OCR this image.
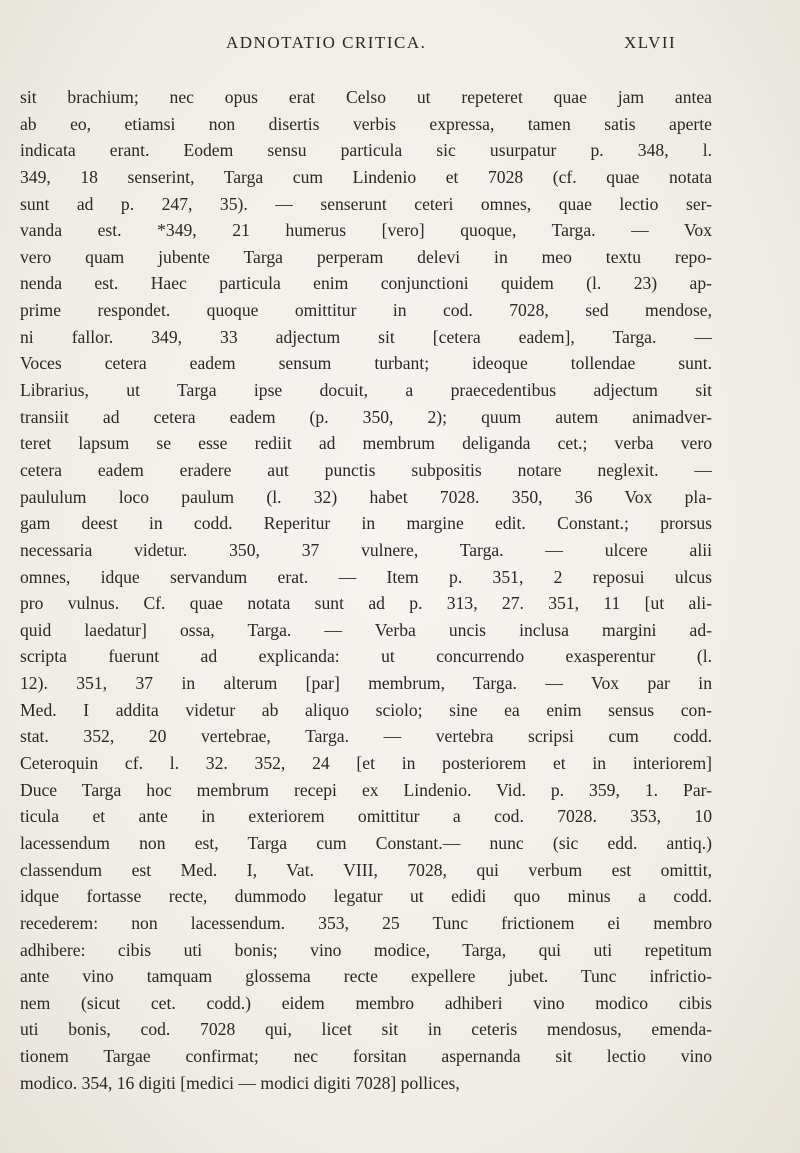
ADNOTATIO CRITICA.	XLVII
sit brachium; nec opus erat Celso ut repeteret quae jam antea
ab eo, etiamsi non disertis verbis expressa, tamen satis aperte
indicata erant. Eodem sensu particula sic usurpatur p. 348, l.
349, 18 senserint, Targa cum Lindenio et 7028 (cf. quae notata
sunt ad p. 247, 35). — senserunt ceteri omnes, quae lectio ser-
vanda est. *349, 21 humerus [vero] quoque, Targa. — Vox
vero quam jubente Targa perperam delevi in meo textu repo-
nenda est. Haec particula enim conjunctioni quidem (l. 23) ap-
prime respondet. quoque omittitur in cod. 7028, sed mendose,
ni fallor. 349, 33 adjectum sit [cetera eadem], Targa. —
Voces cetera eadem sensum turbant; ideoque tollendae sunt.
Librarius, ut Targa ipse docuit, a praecedentibus adjectum sit
transiit ad cetera eadem (p. 350, 2); quum autem animadver-
teret lapsum se esse rediit ad membrum deliganda cet.; verba vero
cetera eadem eradere aut punctis subpositis notare neglexit. —
paululum loco paulum (l. 32) habet 7028. 350, 36 Vox pla-
gam deest in codd. Reperitur in margine edit. Constant.; prorsus
necessaria videtur. 350, 37 vulnere, Targa. — ulcere alii
omnes, idque servandum erat. — Item p. 351, 2 reposui ulcus
pro vulnus. Cf. quae notata sunt ad p. 313, 27. 351, 11 [ut ali-
quid laedatur] ossa, Targa. — Verba uncis inclusa margini ad-
scripta fuerunt ad explicanda: ut concurrendo exasperentur (l.
12). 351, 37 in alterum [par] membrum, Targa. — Vox par in
Med. I addita videtur ab aliquo sciolo; sine ea enim sensus con-
stat. 352, 20 vertebrae, Targa. — vertebra scripsi cum codd.
Ceteroquin cf. l. 32. 352, 24 [et in posteriorem et in interiorem]
Duce Targa hoc membrum recepi ex Lindenio. Vid. p. 359, 1. Par-
ticula et ante in exteriorem omittitur a cod. 7028. 353, 10
lacessendum non est, Targa cum Constant.— nunc (sic edd. antiq.)
classendum est Med. I, Vat. VIII, 7028, qui verbum est omittit,
idque fortasse recte, dummodo legatur ut edidi quo minus a codd.
recederem: non lacessendum. 353, 25 Tunc frictionem ei membro
adhibere: cibis uti bonis; vino modice, Targa, qui uti repetitum
ante vino tamquam glossema recte expellere jubet. Tunc infrictio-
nem (sicut cet. codd.) eidem membro adhiberi vino modico cibis
uti bonis, cod. 7028 qui, licet sit in ceteris mendosus, emenda-
tionem Targae confirmat; nec forsitan aspernanda sit lectio vino
modico. 354, 16 digiti [medici — modici digiti 7028] pollices,
